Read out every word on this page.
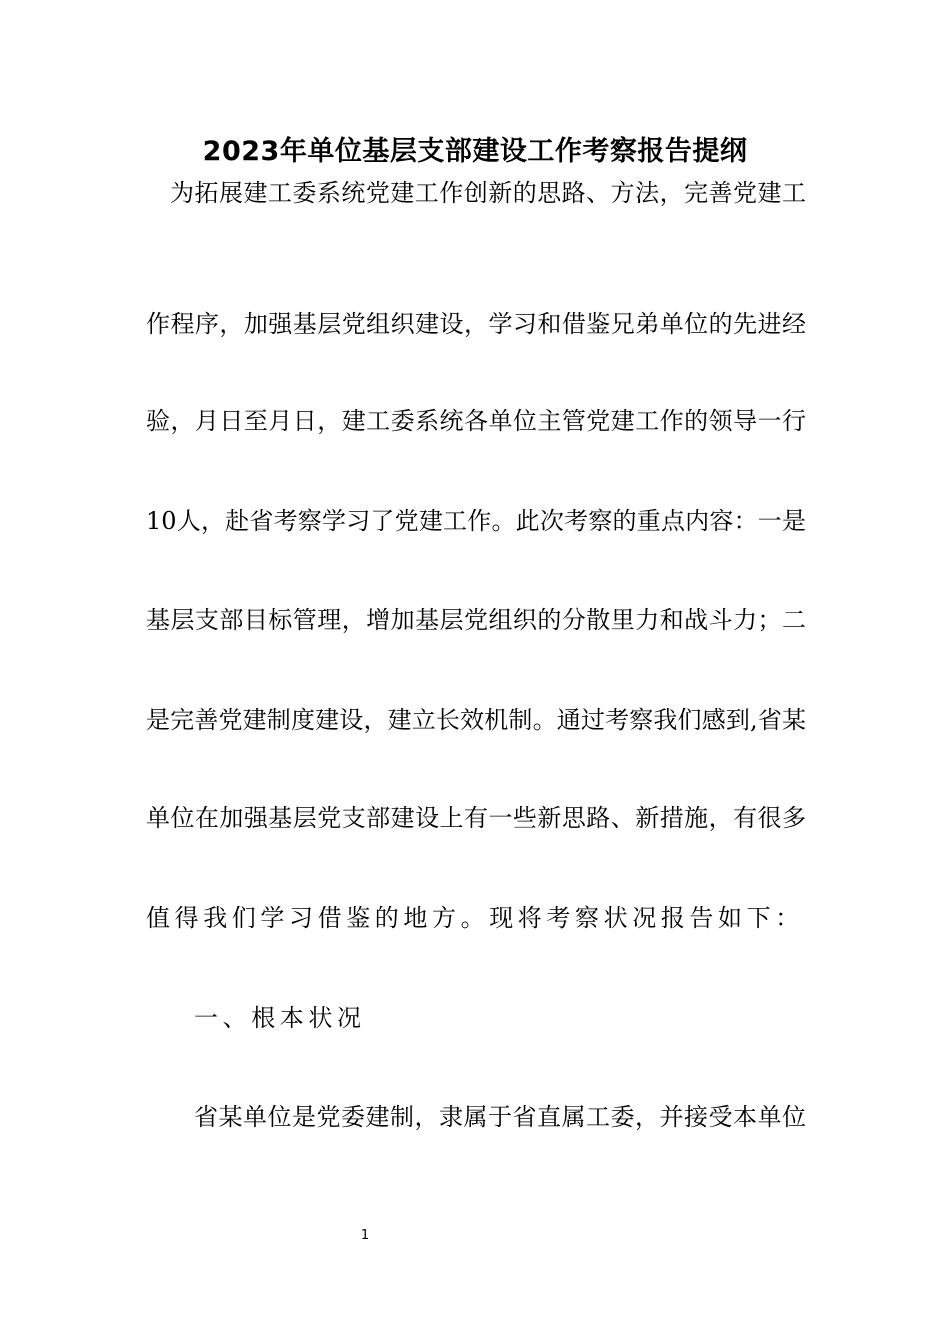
2023年单位基层支部建设工作考察报告提纲
为拓展建工委系统党建工作创新的思路、方法，完善党建工
作程序，加强基层党组织建设，学习和借鉴兄弟单位的先进经
验，月日至月日，建工委系统各单位主管党建工作的领导一行
10人，赴省考察学习了党建工作。此次考察的重点内容：一是
基层支部目标管理，增加基层党组织的分散里力和战斗力；二
是完善党建制度建设，建立长效机制。通过考察我们感到,省某
单位在加强基层党支部建设上有一些新思路、新措施，有很多
值得我们学习借鉴的地方。现将考察状况报告如下：
一、根本状况
省某单位是党委建制，隶属于省直属工委，并接受本单位
1
